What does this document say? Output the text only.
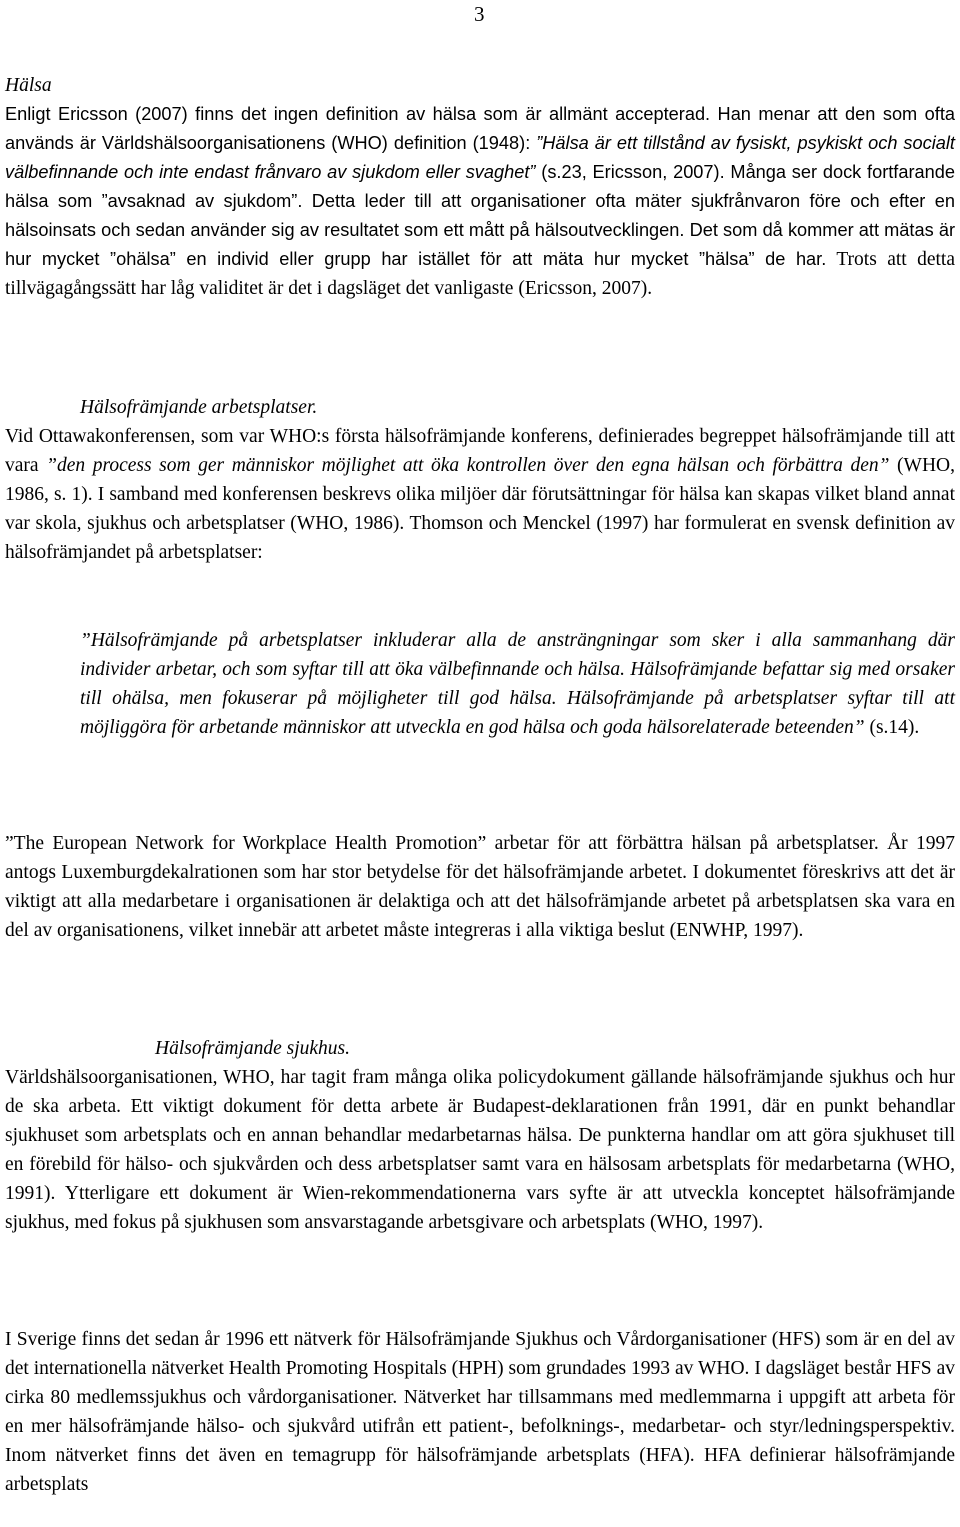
3

Hälsa

Enligt Ericsson (2007) finns det ingen definition av hälsa som är allmänt accepterad. Han menar att den som ofta används är Världshälsoorganisationens (WHO) definition (1948): ”Hälsa är ett tillstånd av fysiskt, psykiskt och socialt välbefinnande och inte endast frånvaro av sjukdom eller svaghet” (s.23, Ericsson, 2007). Många ser dock fortfarande hälsa som ”avsaknad av sjukdom”. Detta leder till att organisationer ofta mäter sjukfrånvaron före och efter en hälsoinsats och sedan använder sig av resultatet som ett mått på hälsoutvecklingen. Det som då kommer att mätas är hur mycket ”ohälsa” en individ eller grupp har istället för att mäta hur mycket ”hälsa” de har. Trots att detta tillvägagångssätt har låg validitet är det i dagsläget det vanligaste (Ericsson, 2007).

Hälsofrämjande arbetsplatser.

Vid Ottawakonferensen, som var WHO:s första hälsofrämjande konferens, definierades begreppet hälsofrämjande till att vara ”den process som ger människor möjlighet att öka kontrollen över den egna hälsan och förbättra den” (WHO, 1986, s. 1). I samband med konferensen beskrevs olika miljöer där förutsättningar för hälsa kan skapas vilket bland annat var skola, sjukhus och arbetsplatser (WHO, 1986). Thomson och Menckel (1997) har formulerat en svensk definition av hälsofrämjandet på arbetsplatser:

”Hälsofrämjande på arbetsplatser inkluderar alla de ansträngningar som sker i alla sammanhang där individer arbetar, och som syftar till att öka välbefinnande och hälsa. Hälsofrämjande befattar sig med orsaker till ohälsa, men fokuserar på möjligheter till god hälsa. Hälsofrämjande på arbetsplatser syftar till att möjliggöra för arbetande människor att utveckla en god hälsa och goda hälsorelaterade beteenden” (s.14).

”The European Network for Workplace Health Promotion” arbetar för att förbättra hälsan på arbetsplatser. År 1997 antogs Luxemburgdekalrationen som har stor betydelse för det hälsofrämjande arbetet. I dokumentet föreskrivs att det är viktigt att alla medarbetare i organisationen är delaktiga och att det hälsofrämjande arbetet på arbetsplatsen ska vara en del av organisationens, vilket innebär att arbetet måste integreras i alla viktiga beslut (ENWHP, 1997).

Hälsofrämjande sjukhus.

Världshälsoorganisationen, WHO, har tagit fram många olika policydokument gällande hälsofrämjande sjukhus och hur de ska arbeta. Ett viktigt dokument för detta arbete är Budapest-deklarationen från 1991, där en punkt behandlar sjukhuset som arbetsplats och en annan behandlar medarbetarnas hälsa. De punkterna handlar om att göra sjukhuset till en förebild för hälso- och sjukvården och dess arbetsplatser samt vara en hälsosam arbetsplats för medarbetarna (WHO, 1991). Ytterligare ett dokument är Wien-rekommendationerna vars syfte är att utveckla konceptet hälsofrämjande sjukhus, med fokus på sjukhusen som ansvarstagande arbetsgivare och arbetsplats (WHO, 1997).

I Sverige finns det sedan år 1996 ett nätverk för Hälsofrämjande Sjukhus och Vårdorganisationer (HFS) som är en del av det internationella nätverket Health Promoting Hospitals (HPH) som grundades 1993 av WHO. I dagsläget består HFS av cirka 80 medlemssjukhus och vårdorganisationer. Nätverket har tillsammans med medlemmarna i uppgift att arbeta för en mer hälsofrämjande hälso- och sjukvård utifrån ett patient-, befolknings-, medarbetar- och styr/ledningsperspektiv. Inom nätverket finns det även en temagrupp för hälsofrämjande arbetsplats (HFA). HFA definierar hälsofrämjande arbetsplats
